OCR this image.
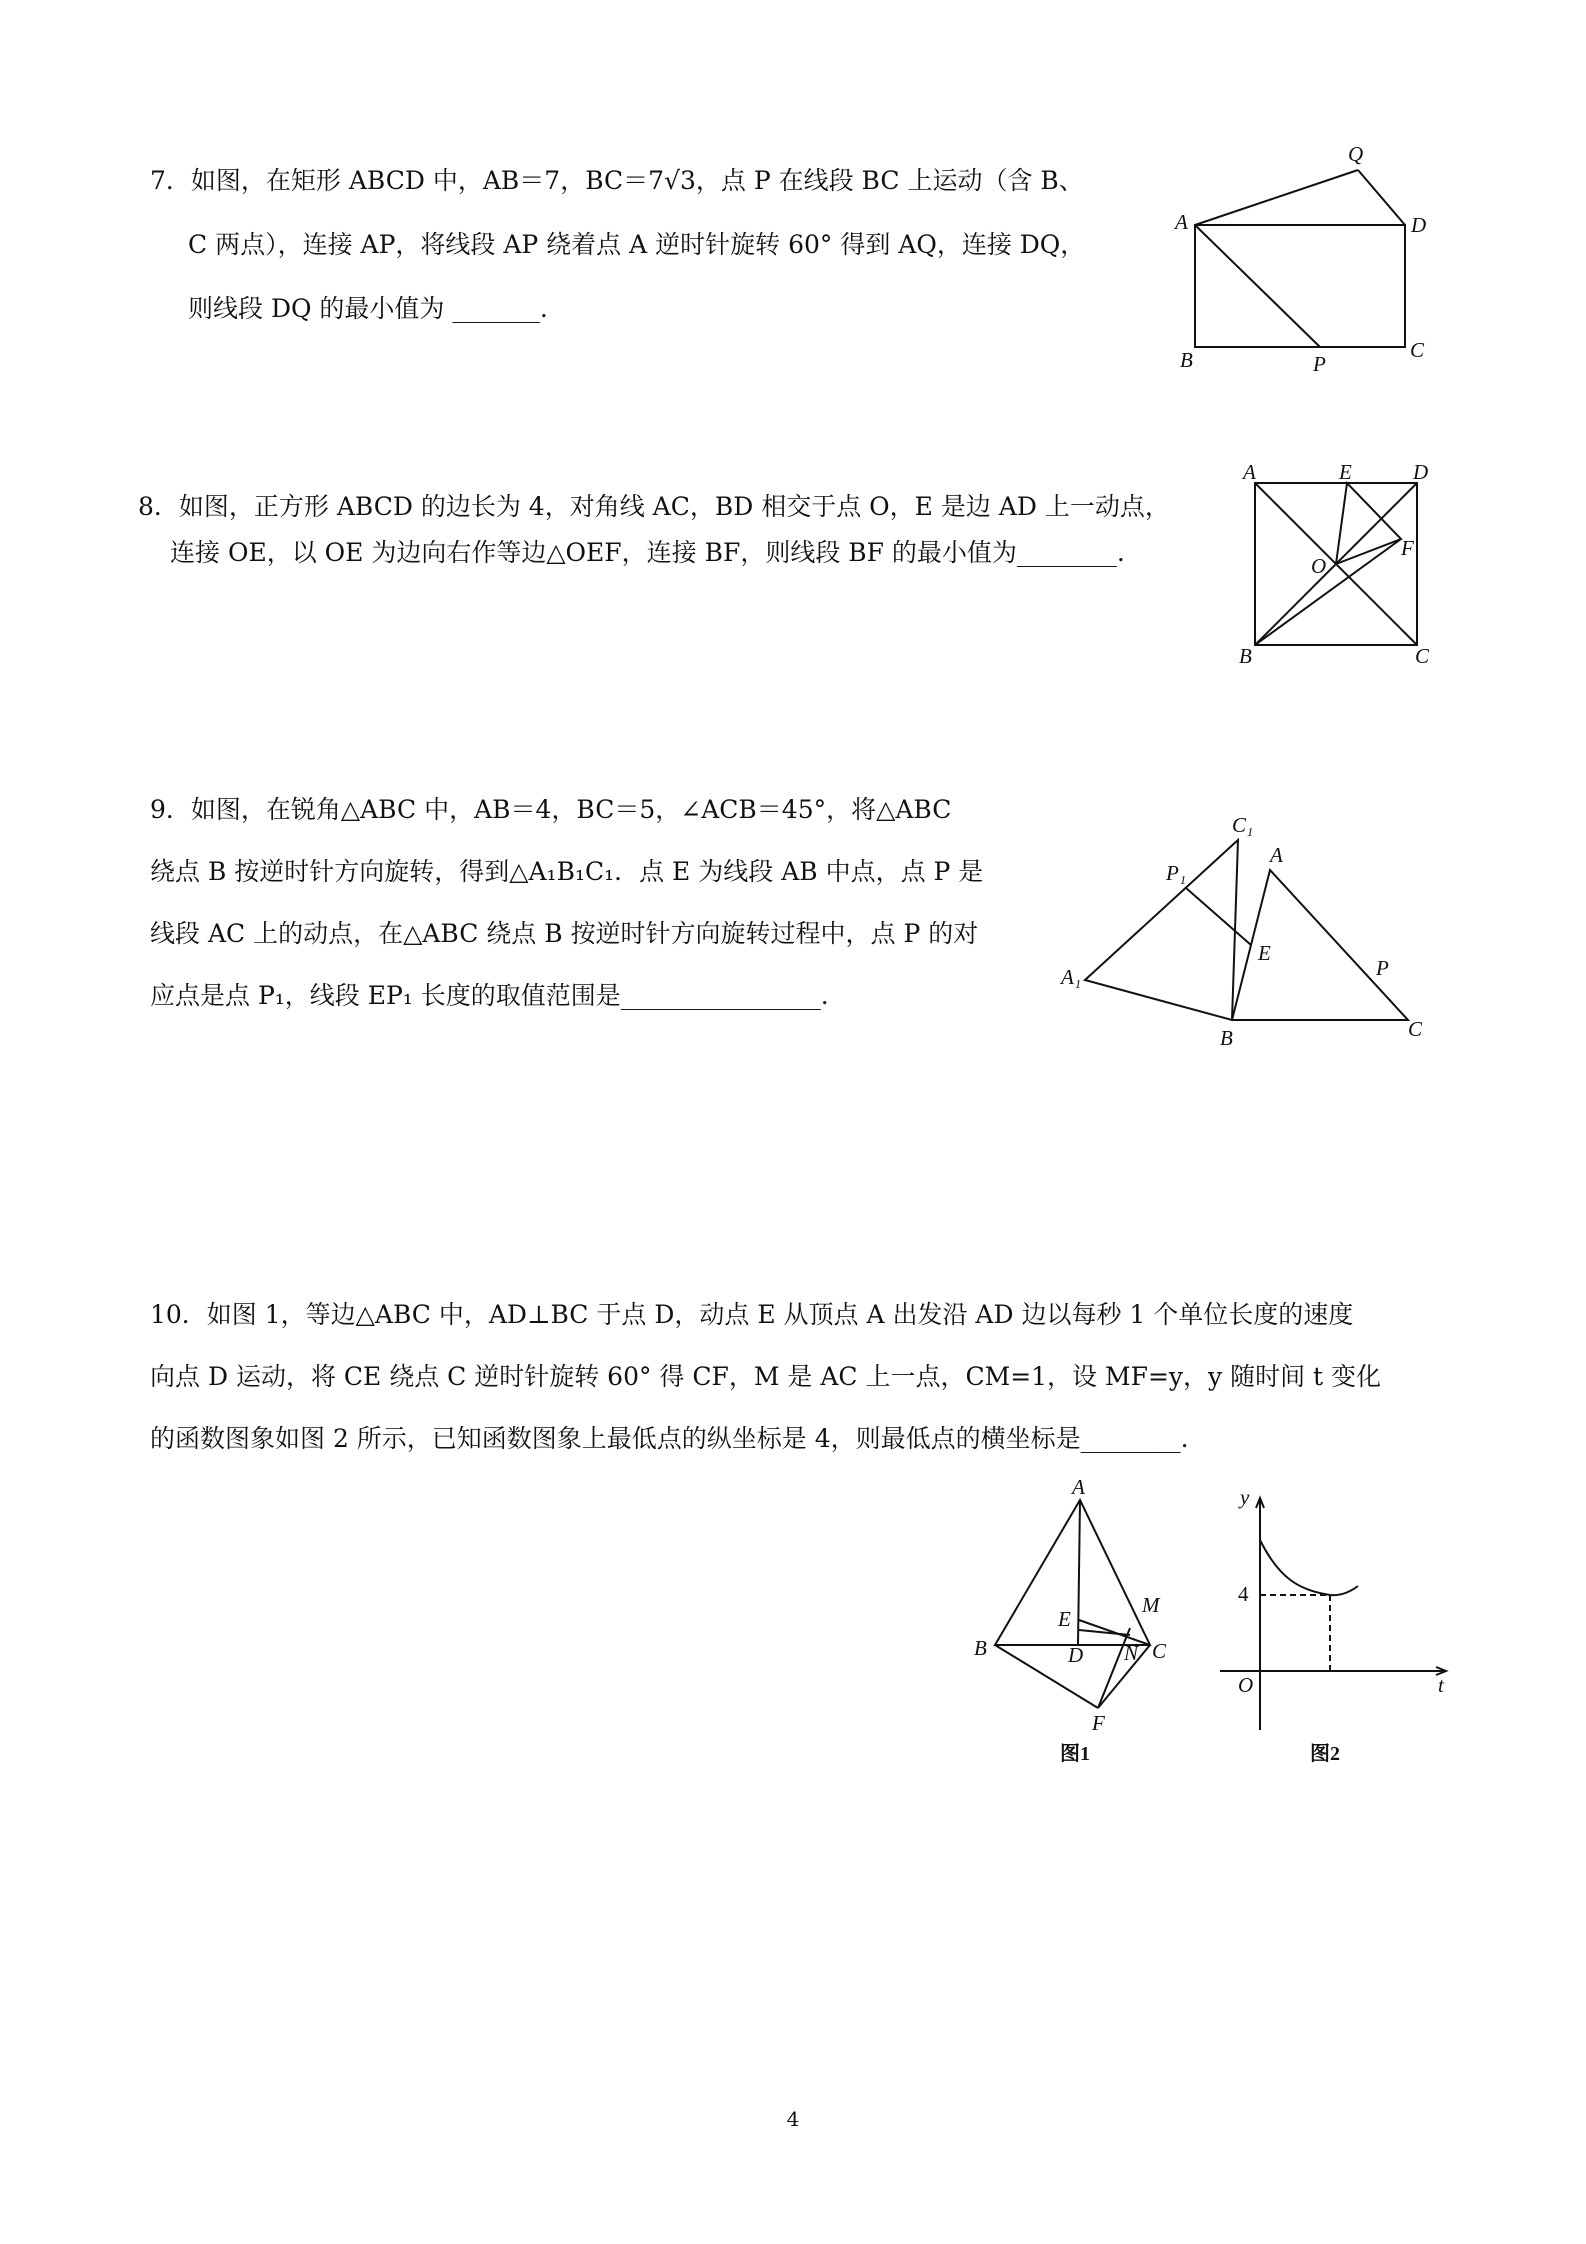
7．如图，在矩形 ABCD 中，AB＝7，BC＝7√3，点 P 在线段 BC 上运动（含 B、
C 两点），连接 AP，将线段 AP 绕着点 A 逆时针旋转 60° 得到 AQ，连接 DQ，
则线段 DQ 的最小值为 _______.
A
B	C
D
P
Q
8．如图，正方形 ABCD 的边长为 4，对角线 AC，BD 相交于点 O，E 是边 AD 上一动点，
连接 OE，以 OE 为边向右作等边△OEF，连接 BF，则线段 BF 的最小值为________.
A	E	D
O
F
B	C
9．如图，在锐角△ABC 中，AB＝4，BC＝5，∠ACB＝45°，将△ABC
绕点 B 按逆时针方向旋转，得到△A₁B₁C₁．点 E 为线段 AB 中点，点 P 是
线段 AC 上的动点，在△ABC 绕点 B 按逆时针方向旋转过程中，点 P 的对
应点是点 P₁，线段 EP₁ 长度的取值范围是________________.
C₁
P₁
A
E
A₁	P
B	C
10．如图 1，等边△ABC 中，AD⊥BC 于点 D，动点 E 从顶点 A 出发沿 AD 边以每秒 1 个单位长度的速度
向点 D 运动，将 CE 绕点 C 逆时针旋转 60° 得 CF，M 是 AC 上一点，CM=1，设 MF=y，y 随时间 t 变化
的函数图象如图 2 所示，已知函数图象上最低点的纵坐标是 4，则最低点的横坐标是________.
A
M
E
B	D N C
F
图1
y
4
O	t
图2
4
